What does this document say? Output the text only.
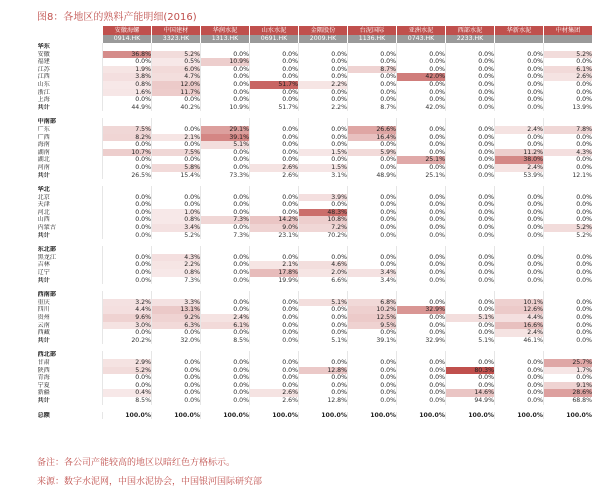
图8：各地区的熟料产能明细(2016)
	安徽海螺	中国建材	华润水泥	山水水泥	金隅股份	台泥国际	亚洲水泥	西部水泥	华新水泥	中材集团
	0914.HK	3323.HK	1313.HK	0691.HK	2009.HK	1136.HK	0743.HK	2233.HK		
华东										
安徽	36.8%	5.2%	0.0%	0.0%	0.0%	0.0%	0.0%	0.0%	0.0%	5.2%
福建	0.0%	0.5%	10.9%	0.0%	0.0%	0.0%	0.0%	0.0%	0.0%	0.0%
江苏	1.9%	6.0%	0.0%	0.0%	0.0%	8.7%	0.0%	0.0%	0.0%	6.1%
江西	3.8%	4.7%	0.0%	0.0%	0.0%	0.0%	42.0%	0.0%	0.0%	2.6%
山东	0.8%	12.0%	0.0%	51.7%	2.2%	0.0%	0.0%	0.0%	0.0%	0.0%
浙江	1.6%	11.7%	0.0%	0.0%	0.0%	0.0%	0.0%	0.0%	0.0%	0.0%
上海	0.0%	0.0%	0.0%	0.0%	0.0%	0.0%	0.0%	0.0%	0.0%	0.0%
共计	44.9%	40.2%	10.9%	51.7%	2.2%	8.7%	42.0%	0.0%	0.0%	13.9%

中南部										
广东	7.5%	0.0%	29.1%	0.0%	0.0%	26.6%	0.0%	0.0%	2.4%	7.8%
广西	8.2%	2.1%	39.1%	0.0%	0.0%	16.4%	0.0%	0.0%	0.0%	0.0%
海南	0.0%	0.0%	5.1%	0.0%	0.0%	0.0%	0.0%	0.0%	0.0%	0.0%
湖南	10.7%	7.5%	0.0%	0.0%	1.5%	5.9%	0.0%	0.0%	11.2%	4.3%
湖北	0.0%	0.0%	0.0%	0.0%	0.0%	0.0%	25.1%	0.0%	38.0%	0.0%
河南	0.0%	5.8%	0.0%	2.6%	1.5%	0.0%	0.0%	0.0%	2.4%	0.0%
共计	26.5%	15.4%	73.3%	2.6%	3.1%	48.9%	25.1%	0.0%	53.9%	12.1%

华北										
北京	0.0%	0.0%	0.0%	0.0%	3.9%	0.0%	0.0%	0.0%	0.0%	0.0%
天津	0.0%	0.0%	0.0%	0.0%	0.0%	0.0%	0.0%	0.0%	0.0%	0.0%
河北	0.0%	1.0%	0.0%	0.0%	48.3%	0.0%	0.0%	0.0%	0.0%	0.0%
山西	0.0%	0.8%	7.3%	14.2%	10.8%	0.0%	0.0%	0.0%	0.0%	0.0%
内蒙古	0.0%	3.4%	0.0%	9.0%	7.2%	0.0%	0.0%	0.0%	0.0%	5.2%
共计	0.0%	5.2%	7.3%	23.1%	70.2%	0.0%	0.0%	0.0%	0.0%	5.2%

东北部										
黑龙江	0.0%	4.3%	0.0%	0.0%	0.0%	0.0%	0.0%	0.0%	0.0%	0.0%
吉林	0.0%	2.2%	0.0%	2.1%	4.6%	0.0%	0.0%	0.0%	0.0%	0.0%
辽宁	0.0%	0.8%	0.0%	17.8%	2.0%	3.4%	0.0%	0.0%	0.0%	0.0%
共计	0.0%	7.3%	0.0%	19.9%	6.6%	3.4%	0.0%	0.0%	0.0%	0.0%

西南部										
重庆	3.2%	3.3%	0.0%	0.0%	5.1%	6.8%	0.0%	0.0%	10.1%	0.0%
四川	4.4%	13.1%	0.0%	0.0%	0.0%	10.2%	32.9%	0.0%	12.6%	0.0%
贵州	9.6%	9.2%	2.4%	0.0%	0.0%	12.5%	0.0%	5.1%	4.4%	0.0%
云南	3.0%	6.3%	6.1%	0.0%	0.0%	9.5%	0.0%	0.0%	16.6%	0.0%
西藏	0.0%	0.0%	0.0%	0.0%	0.0%	0.0%	0.0%	0.0%	2.4%	0.0%
共计	20.2%	32.0%	8.5%	0.0%	5.1%	39.1%	32.9%	5.1%	46.1%	0.0%

西北部										
甘肃	2.9%	0.0%	0.0%	0.0%	0.0%	0.0%	0.0%	0.0%	0.0%	25.7%
陕西	5.2%	0.0%	0.0%	0.0%	12.8%	0.0%	0.0%	80.3%	0.0%	1.7%
青海	0.0%	0.0%	0.0%	0.0%	0.0%	0.0%	0.0%	0.0%	0.0%	0.0%
宁夏	0.0%	0.0%	0.0%	0.0%	0.0%	0.0%	0.0%	0.0%	0.0%	9.1%
新疆	0.4%	0.0%	0.0%	2.6%	0.0%	0.0%	0.0%	14.6%	0.0%	28.6%
共计	8.5%	0.0%	0.0%	2.6%	12.8%	0.0%	0.0%	94.9%	0.0%	68.8%

总额	100.0%	100.0%	100.0%	100.0%	100.0%	100.0%	100.0%	100.0%	100.0%	100.0%
备注：各公司产能较高的地区以暗红色方格标示。
来源：数字水泥网，中国水泥协会，中国银河国际研究部
